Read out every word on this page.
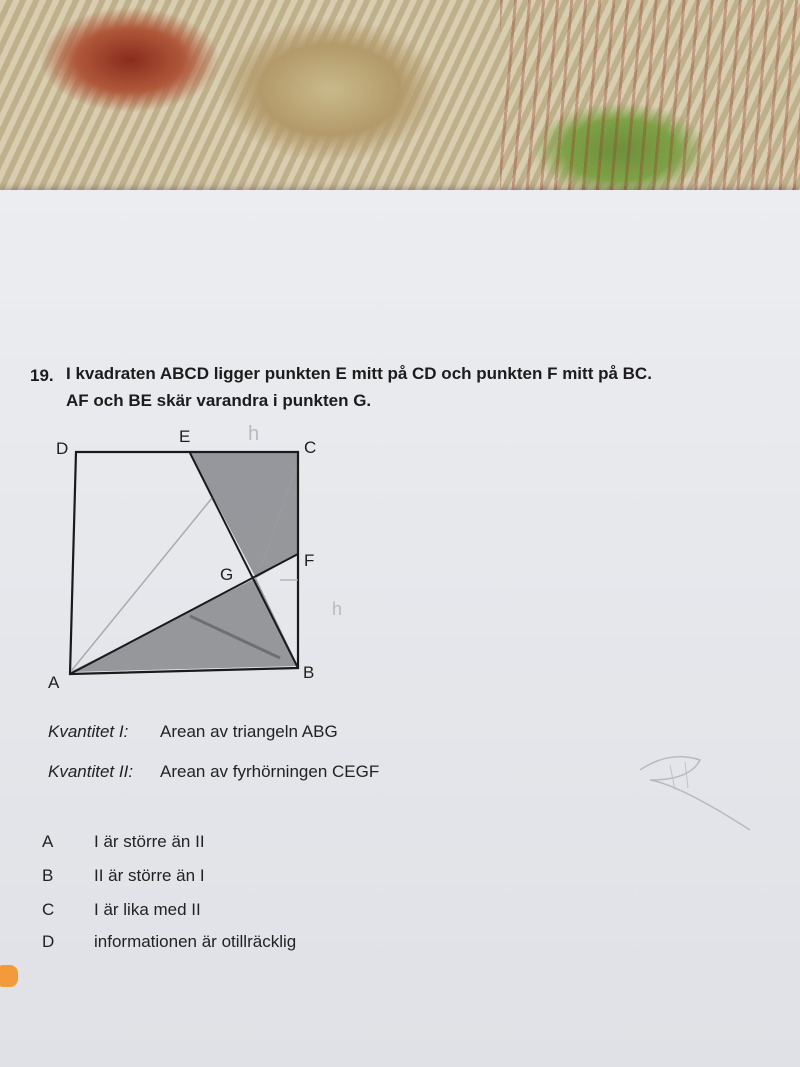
19. I kvadraten ABCD ligger punkten E mitt på CD och punkten F mitt på BC.
AF och BE skär varandra i punkten G.
D
E
C
F
G
A
B
h
h
Kvantitet I: Arean av triangeln ABG
Kvantitet II: Arean av fyrhörningen CEGF
A I är större än II
B II är större än I
C I är lika med II
D informationen är otillräcklig
